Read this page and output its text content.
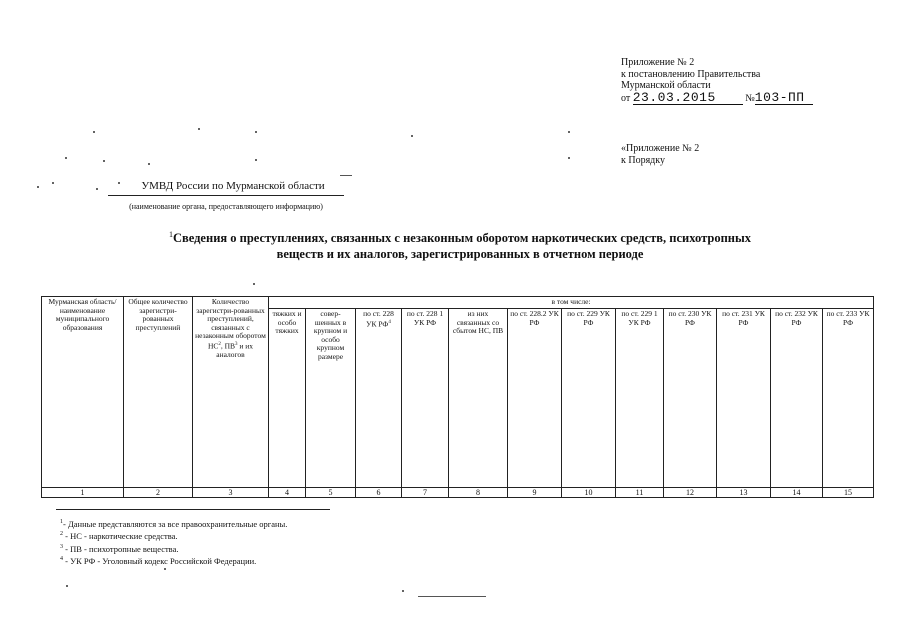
Приложение № 2
к постановлению Правительства
Мурманской области
от 23.03.2015	№103-ПП
«Приложение № 2
к Порядку
УМВД России по Мурманской области
(наименование органа, предоставляющего информацию)
$^1$Сведения о преступлениях, связанных с незаконным оборотом наркотических средств, психотропных
веществ и их аналогов, зарегистрированных в отчетном периоде
Мурманская область/ наименование муниципального образования	Общее количество зарегистри-рованных преступлений	Количество зарегистри-рованных преступлений, связанных с незаконным оборотом $НС^2$, $ПВ^3$ и их аналогов	в том числе:											
			тяжких и особо тяжких	совер-шенных в крупном и особо крупном размере	по ст. 228 УК $РФ^4$	по ст. 228 1 УК РФ	из них связанных со сбытом НС, ПВ	по ст. 228.2 УК РФ	по ст. 229 УК РФ	по ст. 229 1 УК РФ	по ст. 230 УК РФ	по ст. 231 УК РФ	по ст. 232 УК РФ	по ст. 233 УК РФ
1	2	3	4	5	6	7	8	9	10	11	12	13	14	15
$^1$- Данные представляются за все правоохранительные органы.
$^2$ - НС - наркотические средства.
$^3$ - ПВ - психотропные вещества.
$^4$ - УК РФ - Уголовный кодекс Российской Федерации.
